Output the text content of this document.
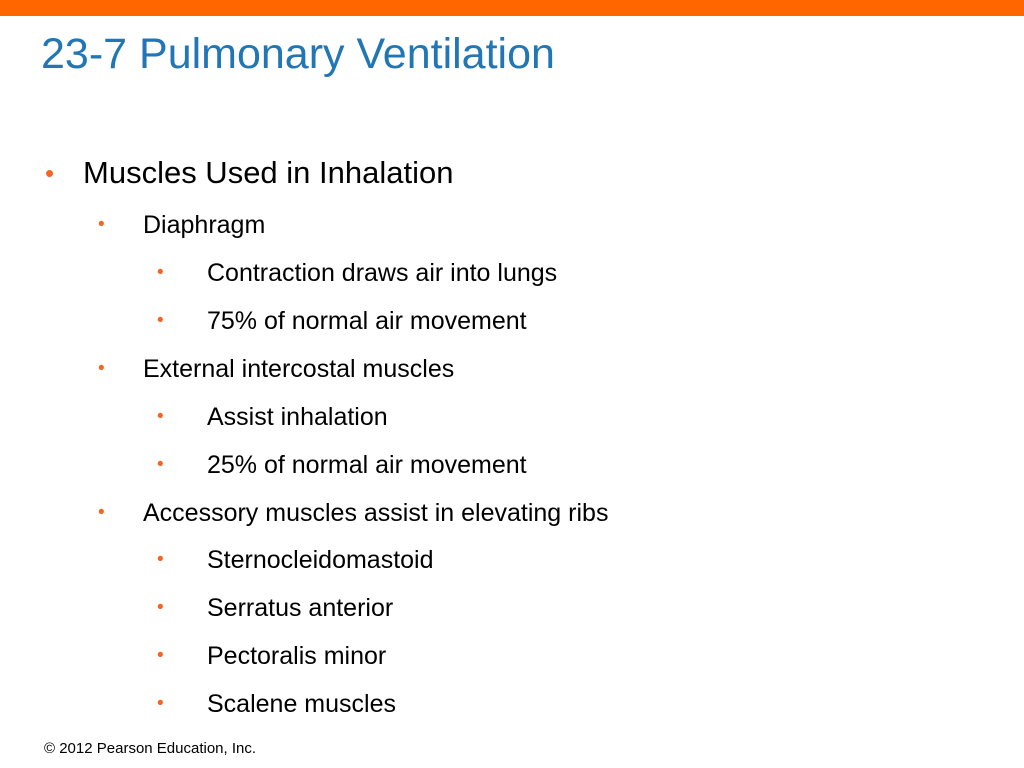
23-7 Pulmonary Ventilation
• Muscles Used in Inhalation
• Diaphragm
• Contraction draws air into lungs
• 75% of normal air movement
• External intercostal muscles
• Assist inhalation
• 25% of normal air movement
• Accessory muscles assist in elevating ribs
• Sternocleidomastoid
• Serratus anterior
• Pectoralis minor
• Scalene muscles
© 2012 Pearson Education, Inc.
